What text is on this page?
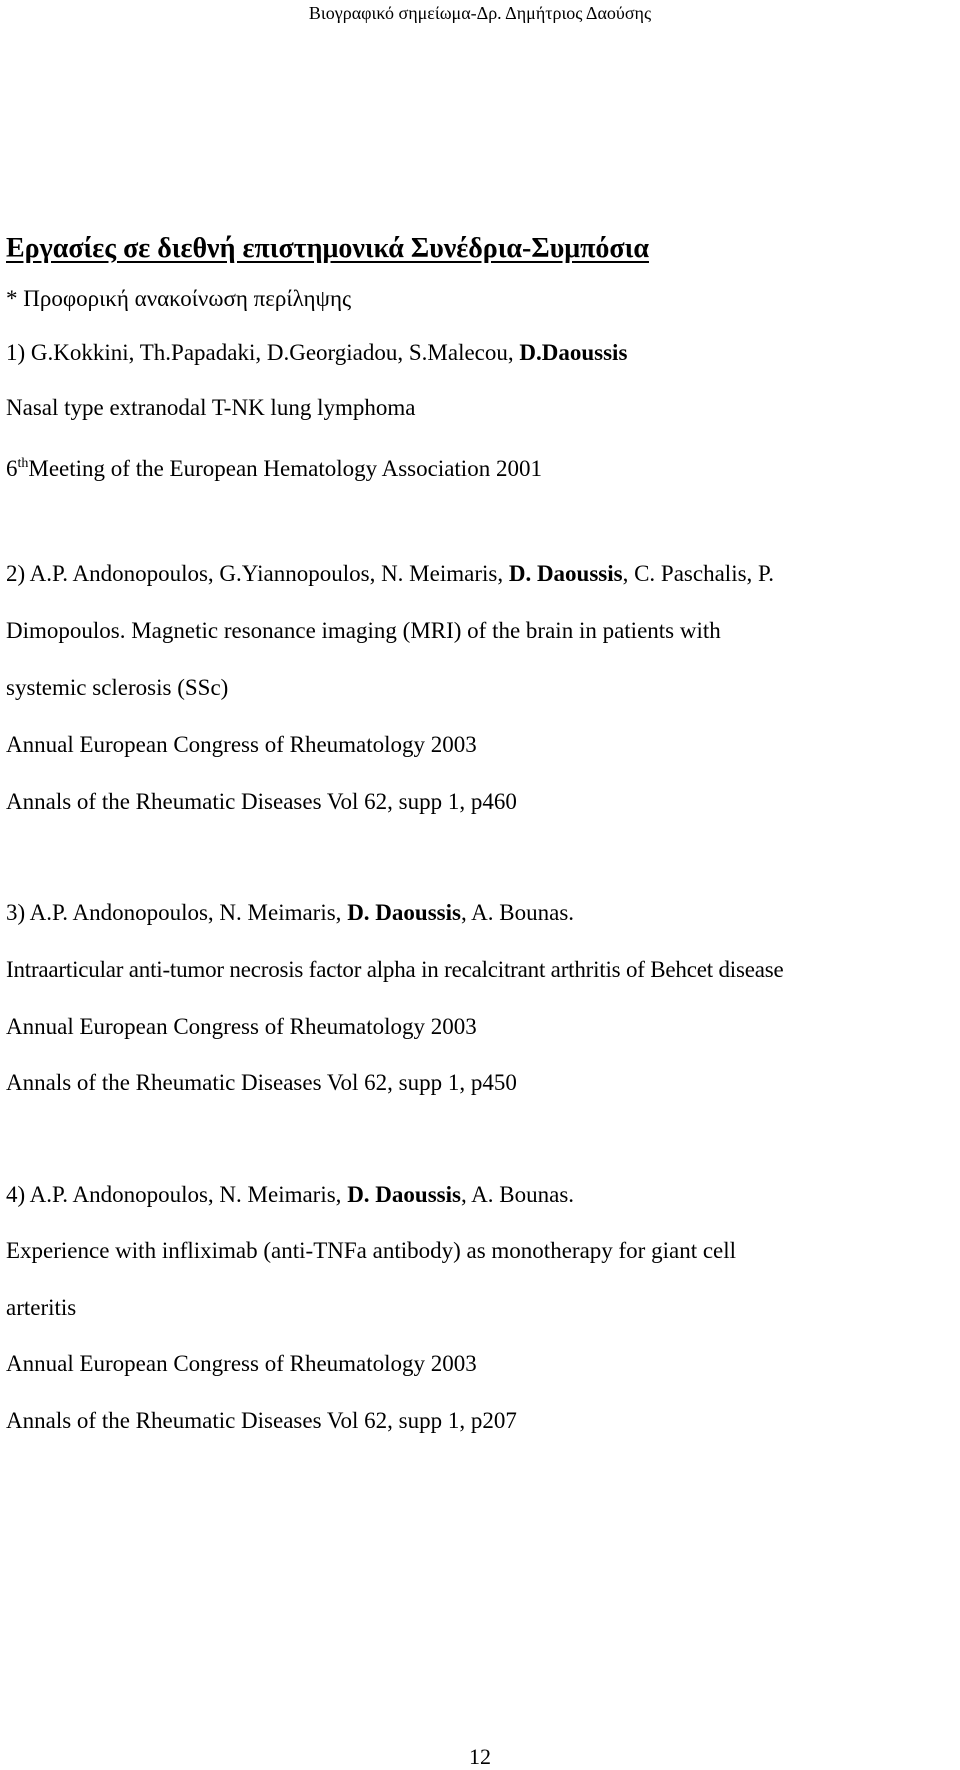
Βιογραφικό σημείωμα-Δρ. Δημήτριος Δαούσης
Εργασίες σε διεθνή επιστημονικά Συνέδρια-Συμπόσια
* Προφορική ανακοίνωση περίληψης
1) G.Kokkini, Th.Papadaki, D.Georgiadou, S.Malecou, D.Daoussis
Nasal type extranodal T-NK lung lymphoma
6thMeeting of the European Hematology Association 2001
2) A.P. Andonopoulos, G.Yiannopoulos, N. Meimaris, D. Daoussis, C. Paschalis, P.
Dimopoulos. Magnetic resonance imaging (MRI) of the brain in patients with
systemic sclerosis (SSc)
Annual European Congress of Rheumatology 2003
Annals of the Rheumatic Diseases Vol 62, supp 1, p460
3) A.P. Andonopoulos, N. Meimaris, D. Daoussis, A. Bounas.
Intraarticular anti-tumor necrosis factor alpha in recalcitrant arthritis of Behcet disease
Annual European Congress of Rheumatology 2003
Annals of the Rheumatic Diseases Vol 62, supp 1, p450
4) A.P. Andonopoulos, N. Meimaris, D. Daoussis, A. Bounas.
Experience with infliximab (anti-TNFa antibody) as monotherapy for giant cell
arteritis
Annual European Congress of Rheumatology 2003
Annals of the Rheumatic Diseases Vol 62, supp 1, p207
12
